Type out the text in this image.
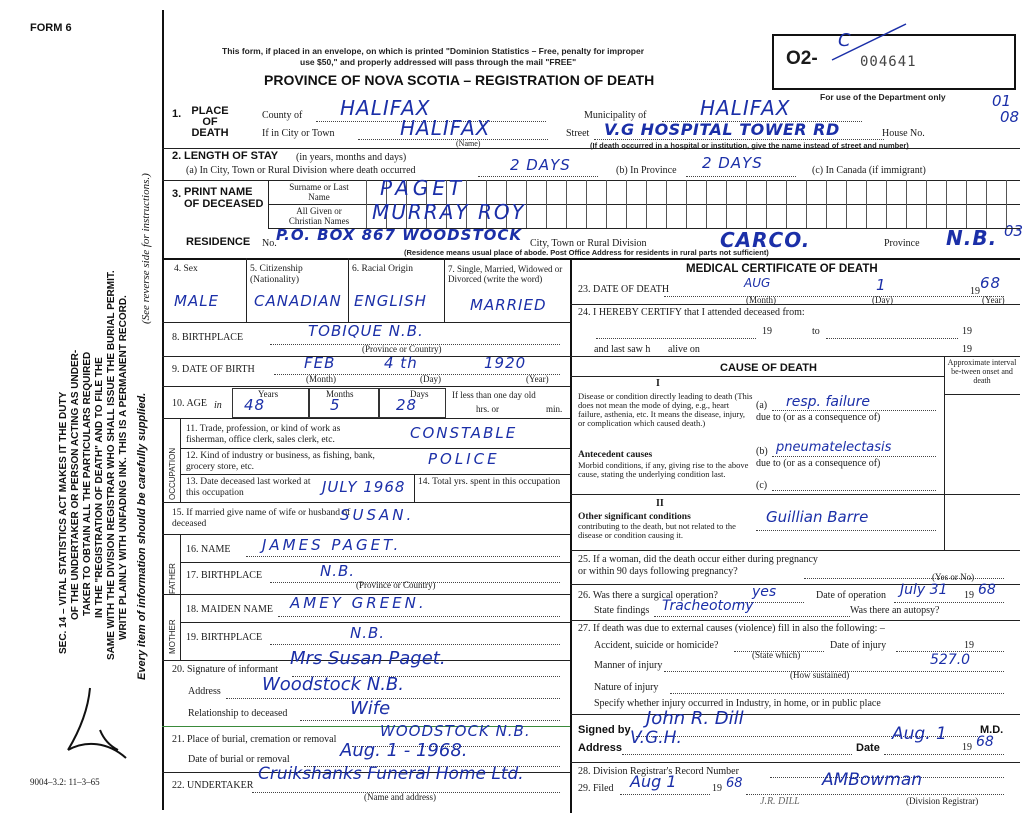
FORM 6
This form, if placed in an envelope, on which is printed "Dominion Statistics – Free, penalty for improper
use $50," and properly addressed will pass through the mail "FREE"
PROVINCE OF NOVA SCOTIA – REGISTRATION OF DEATH
O2-
C
004641
For use of the Department only	01
08
03
SEC. 14 – VITAL STATISTICS ACT MAKES IT THE DUTY OF THE UNDERTAKER OR PERSON ACTING AS UNDER- TAKER TO OBTAIN ALL THE PARTICULARS REQUIRED IN THE "REGISTRATION OF DEATH" AND TO FILE THE SAME WITH THE DIVISION REGISTRAR WHO SHALL ISSUE THE BURIAL PERMIT. WRITE PLAINLY WITH UNFADING INK. THIS IS A PERMANENT RECORD. Every item of information should be carefully supplied.
(See reverse side for instructions.)
9004–3.2: 11–3–65
1. PLACE OF DEATH
County of HALIFAX	Municipality of	HALIFAX
If in City or Town	HALIFAX
(Name)
Street V.G HOSPITAL TOWER RD	House No.
(If death occurred in a hospital or institution, give the name instead of street and number)
2. LENGTH OF STAY (in years, months and days)
(a) In City, Town or Rural Division where death occurred	2 DAYS	(b) In Province 2 DAYS	(c) In Canada (if immigrant)
3. PRINT NAME OF DECEASED
Surname or Last Name
All Given or Christian Names
PAGET
MURRAY ROY
RESIDENCE No. P.O. BOX 867 WOODSTOCK City, Town or Rural Division	CARCO.	Province N.B.
(Residence means usual place of abode. Post Office Address for residents in rural parts not sufficient)
4. Sex
MALE
5. Citizenship (Nationality)
CANADIAN
6. Racial Origin
ENGLISH
7. Single, Married, Widowed or Divorced (write the word)
MARRIED
8. BIRTHPLACE	TOBIQUE N.B.
(Province or Country)
9. DATE OF BIRTH	FEB	4 th	1920
(Month)	(Day)	(Year)
10. AGE in
Years	Months	Days
48	5	28
If less than one day old
hrs. or	min.
OCCUPATION
11. Trade, profession, or kind of work as fisherman, office clerk, sales clerk, etc.	CONSTABLE
12. Kind of industry or business, as fishing, bank, grocery store, etc.	POLICE
13. Date deceased last worked at this occupation	JULY 1968 14. Total yrs. spent in this occupation
15. If married give name of wife or husband of deceased	SUSAN.
FATHER
16. NAME JAMES PAGET.
17. BIRTHPLACE	N.B.
(Province or Country)
MOTHER
18. MAIDEN NAME AMEY GREEN.
19. BIRTHPLACE	N.B.
20. Signature of informant
Mrs Susan Paget.
Address Woodstock N.B.
Relationship to deceased	Wife
21. Place of burial, cremation or removal	WOODSTOCK N.B.
Date of burial or removal	Aug. 1 - 1968.
22. UNDERTAKER
Cruikshanks Funeral Home Ltd.
(Name and address)
MEDICAL CERTIFICATE OF DEATH
23. DATE OF DEATH	AUG	1	19 68
(Month)	(Day)	(Year)
24. I HEREBY CERTIFY that I attended deceased from:
19	to	19
and last saw h alive on	19
CAUSE OF DEATH	Approximate interval be-tween onset and death
I
Disease or condition directly leading to death (This does not mean the mode of dying, e.g., heart failure, asthenia, etc. It means the disease, injury, or complication which caused death.)
(a) resp. failure
due to (or as a consequence of)
Antecedent causes
Morbid conditions, if any, giving rise to the above cause, stating the underlying condition last.
(b) pneumatelectasis
due to (or as a consequence of)
(c)
II
Other significant conditions
contributing to the death, but not related to the disease or condition causing it.
Guillian Barre
25. If a woman, did the death occur either during pregnancy or within 90 days following pregnancy?	(Yes or No)
26. Was there a surgical operation? yes	Date of operation July 31 19 68
State findings Tracheotomy	Was there an autopsy?
27. If death was due to external causes (violence) fill in also the following: –
Accident, suicide or homicide?
(State which)
Date of injury	19
Manner of injury	527.0
(How sustained)
Nature of injury
Specify whether injury occurred in Industry, in home, or in public place
Signed by
John R. Dill
M.D.
Address V.G.H.	Date
Aug. 1
19 68
28. Division Registrar's Record Number
29. Filed Aug 1	19 68
J.R. DILL
AMBowman
(Division Registrar)
